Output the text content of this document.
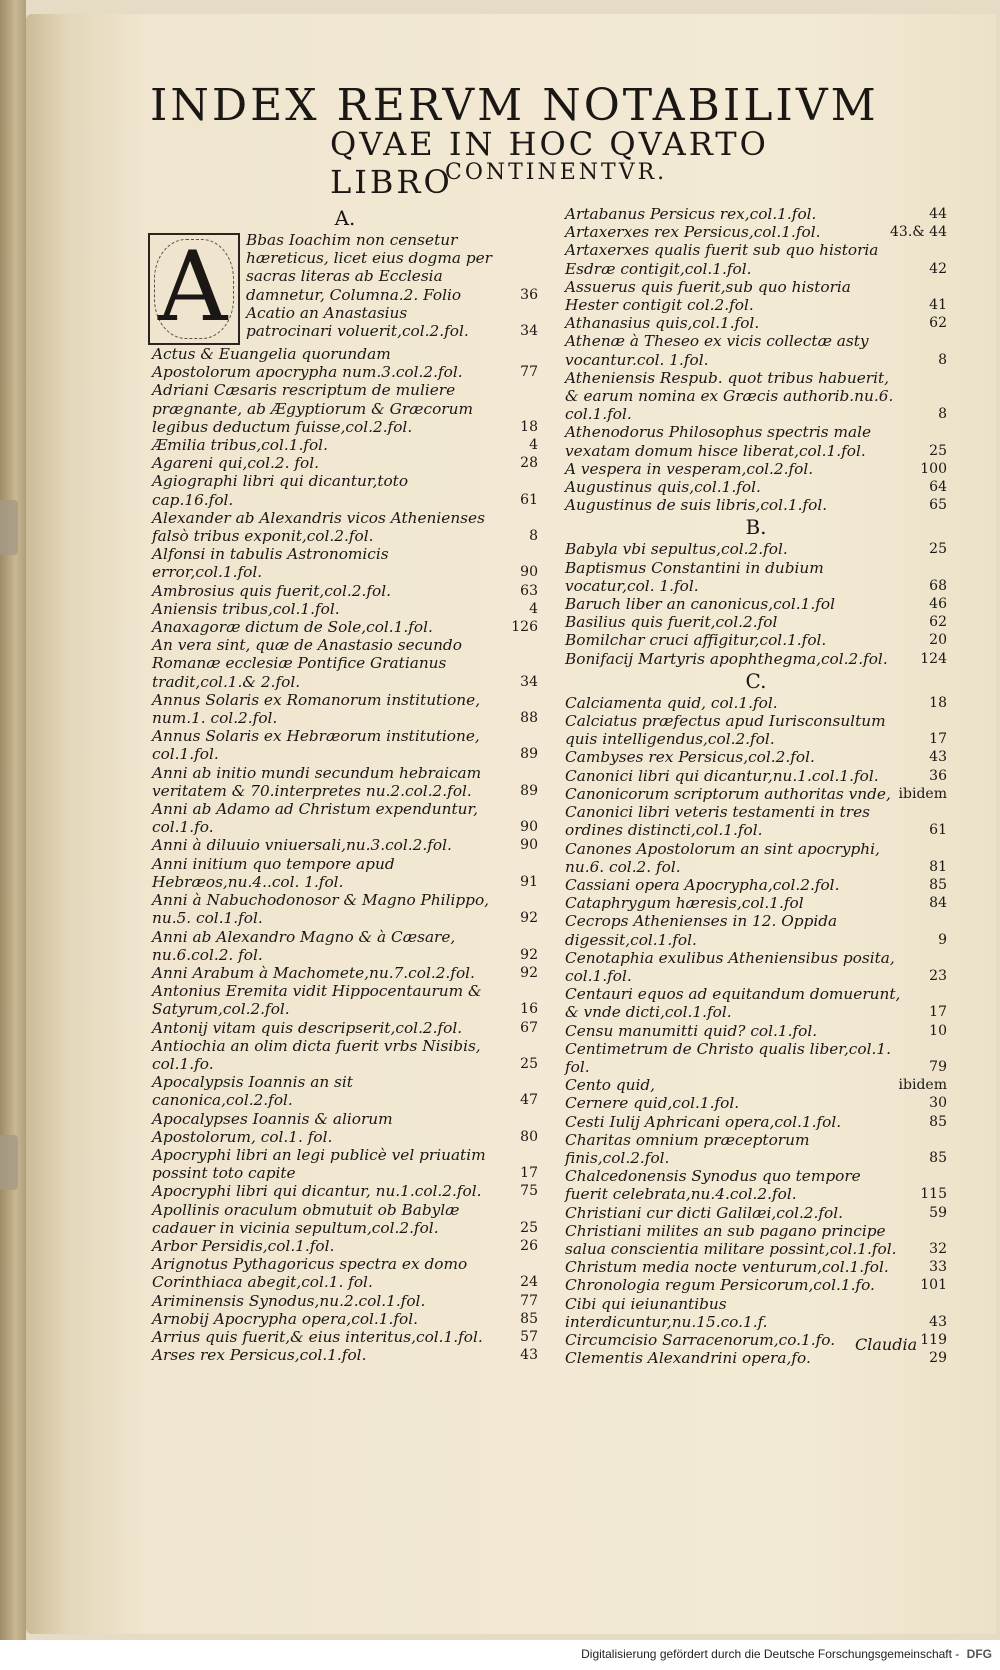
INDEX RERVM NOTABILIVM
QVAE IN HOC QVARTO LIBRO
CONTINENTVR.
A.
A	Bbas Ioachim non censetur hæreticus, licet eius dogma per sacras literas ab Ecclesia damnetur, Columna.2. Folio	36
Acatio an Anastasius patrocinari voluerit,col.2.fol.	34
Actus & Euangelia quorundam Apostolorum apocrypha num.3.col.2.fol.	77
Adriani Cæsaris rescriptum de muliere prægnante, ab Ægyptiorum & Græcorum legibus deductum fuisse,col.2.fol.	18
Æmilia tribus,col.1.fol.	4
Agareni qui,col.2. fol.	28
Agiographi libri qui dicantur,toto cap.16.fol.	61
Alexander ab Alexandris vicos Athenienses falsò tribus exponit,col.2.fol.	8
Alfonsi in tabulis Astronomicis error,col.1.fol.	90
Ambrosius quis fuerit,col.2.fol.	63
Aniensis tribus,col.1.fol.	4
Anaxagoræ dictum de Sole,col.1.fol.	126
An vera sint, quæ de Anastasio secundo Romanæ ecclesiæ Pontifice Gratianus tradit,col.1.& 2.fol.	34
Annus Solaris ex Romanorum institutione, num.1. col.2.fol.	88
Annus Solaris ex Hebræorum institutione, col.1.fol.	89
Anni ab initio mundi secundum hebraicam veritatem & 70.interpretes nu.2.col.2.fol.	89
Anni ab Adamo ad Christum expenduntur, col.1.fo.	90
Anni à diluuio vniuersali,nu.3.col.2.fol.	90
Anni initium quo tempore apud Hebræos,nu.4..col. 1.fol.	91
Anni à Nabuchodonosor & Magno Philippo, nu.5. col.1.fol.	92
Anni ab Alexandro Magno & à Cæsare, nu.6.col.2. fol.	92
Anni Arabum à Machomete,nu.7.col.2.fol.	92
Antonius Eremita vidit Hippocentaurum & Satyrum,col.2.fol.	16
Antonij vitam quis descripserit,col.2.fol.	67
Antiochia an olim dicta fuerit vrbs Nisibis, col.1.fo.	25
Apocalypsis Ioannis an sit canonica,col.2.fol.	47
Apocalypses Ioannis & aliorum Apostolorum, col.1. fol.	80
Apocryphi libri an legi publicè vel priuatim possint toto capite	17
Apocryphi libri qui dicantur, nu.1.col.2.fol.	75
Apollinis oraculum obmutuit ob Babylæ cadauer in vicinia sepultum,col.2.fol.	25
Arbor Persidis,col.1.fol.	26
Arignotus Pythagoricus spectra ex domo Corinthiaca abegit,col.1. fol.	24
Ariminensis Synodus,nu.2.col.1.fol.	77
Arnobij Apocrypha opera,col.1.fol.	85
Arrius quis fuerit,& eius interitus,col.1.fol.	57
Arses rex Persicus,col.1.fol.	43
Artabanus Persicus rex,col.1.fol.	44
Artaxerxes rex Persicus,col.1.fol.	43.& 44
Artaxerxes qualis fuerit sub quo historia Esdræ contigit,col.1.fol.	42
Assuerus quis fuerit,sub quo historia Hester contigit col.2.fol.	41
Athanasius quis,col.1.fol.	62
Athenæ à Theseo ex vicis collectæ asty vocantur.col. 1.fol.	8
Atheniensis Respub. quot tribus habuerit, & earum nomina ex Græcis authorib.nu.6. col.1.fol.	8
Athenodorus Philosophus spectris male vexatam domum hisce liberat,col.1.fol.	25
A vespera in vesperam,col.2.fol.	100
Augustinus quis,col.1.fol.	64
Augustinus de suis libris,col.1.fol.	65
B.
Babyla vbi sepultus,col.2.fol.	25
Baptismus Constantini in dubium vocatur,col. 1.fol.	68
Baruch liber an canonicus,col.1.fol	46
Basilius quis fuerit,col.2.fol	62
Bomilchar cruci affigitur,col.1.fol.	20
Bonifacij Martyris apophthegma,col.2.fol.	124
C.
Calciamenta quid, col.1.fol.	18
Calciatus præfectus apud Iurisconsultum quis intelligendus,col.2.fol.	17
Cambyses rex Persicus,col.2.fol.	43
Canonici libri qui dicantur,nu.1.col.1.fol.	36
Canonicorum scriptorum authoritas vnde, ibidem
Canonici libri veteris testamenti in tres ordines distincti,col.1.fol.	61
Canones Apostolorum an sint apocryphi, nu.6. col.2. fol.	81
Cassiani opera Apocrypha,col.2.fol.	85
Cataphrygum hæresis,col.1.fol	84
Cecrops Athenienses in 12. Oppida digessit,col.1.fol.	9
Cenotaphia exulibus Atheniensibus posita, col.1.fol.	23
Centauri equos ad equitandum domuerunt, & vnde dicti,col.1.fol.	17
Censu manumitti quid? col.1.fol.	10
Centimetrum de Christo qualis liber,col.1. fol.	79
Cento quid,	ibidem
Cernere quid,col.1.fol.	30
Cesti Iulij Aphricani opera,col.1.fol.	85
Charitas omnium præceptorum finis,col.2.fol.	85
Chalcedonensis Synodus quo tempore fuerit celebrata,nu.4.col.2.fol.	115
Christiani cur dicti Galilæi,col.2.fol.	59
Christiani milites an sub pagano principe salua conscientia militare possint,col.1.fol.	32
Christum media nocte venturum,col.1.fol.	33
Chronologia regum Persicorum,col.1.fo.	101
Cibi qui ieiunantibus interdicuntur,nu.15.co.1.f.	43
Circumcisio Sarracenorum,co.1.fo.	119
Clementis Alexandrini opera,fo.	29
Claudia
Digitalisierung gefördert durch die Deutsche Forschungsgemeinschaft - DFG
